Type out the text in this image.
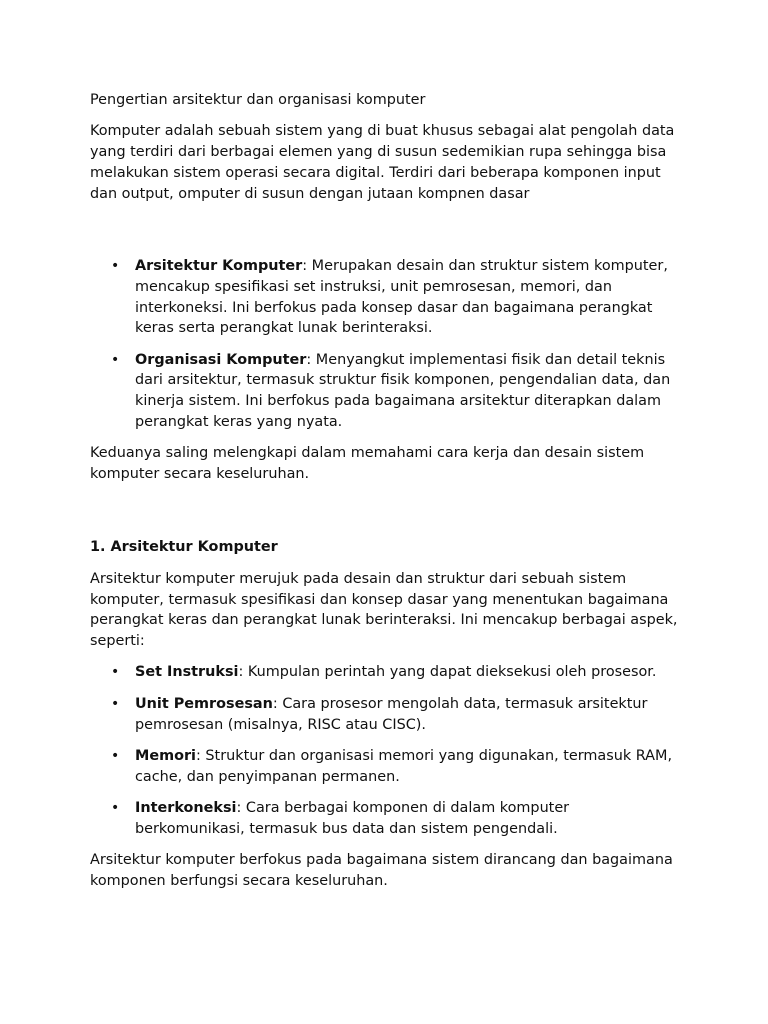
Pengertian arsitektur dan organisasi komputer

Komputer adalah sebuah sistem yang di buat khusus sebagai alat pengolah data yang terdiri dari berbagai elemen yang di susun sedemikian rupa sehingga bisa melakukan sistem operasi secara digital. Terdiri dari beberapa komponen input dan output, omputer di susun dengan jutaan kompnen dasar

• Arsitektur Komputer: Merupakan desain dan struktur sistem komputer, mencakup spesifikasi set instruksi, unit pemrosesan, memori, dan interkoneksi. Ini berfokus pada konsep dasar dan bagaimana perangkat keras serta perangkat lunak berinteraksi.
• Organisasi Komputer: Menyangkut implementasi fisik dan detail teknis dari arsitektur, termasuk struktur fisik komponen, pengendalian data, dan kinerja sistem. Ini berfokus pada bagaimana arsitektur diterapkan dalam perangkat keras yang nyata.

Keduanya saling melengkapi dalam memahami cara kerja dan desain sistem komputer secara keseluruhan.

1. Arsitektur Komputer

Arsitektur komputer merujuk pada desain dan struktur dari sebuah sistem komputer, termasuk spesifikasi dan konsep dasar yang menentukan bagaimana perangkat keras dan perangkat lunak berinteraksi. Ini mencakup berbagai aspek, seperti:

• Set Instruksi: Kumpulan perintah yang dapat dieksekusi oleh prosesor.
• Unit Pemrosesan: Cara prosesor mengolah data, termasuk arsitektur pemrosesan (misalnya, RISC atau CISC).
• Memori: Struktur dan organisasi memori yang digunakan, termasuk RAM, cache, dan penyimpanan permanen.
• Interkoneksi: Cara berbagai komponen di dalam komputer berkomunikasi, termasuk bus data dan sistem pengendali.

Arsitektur komputer berfokus pada bagaimana sistem dirancang dan bagaimana komponen berfungsi secara keseluruhan.
